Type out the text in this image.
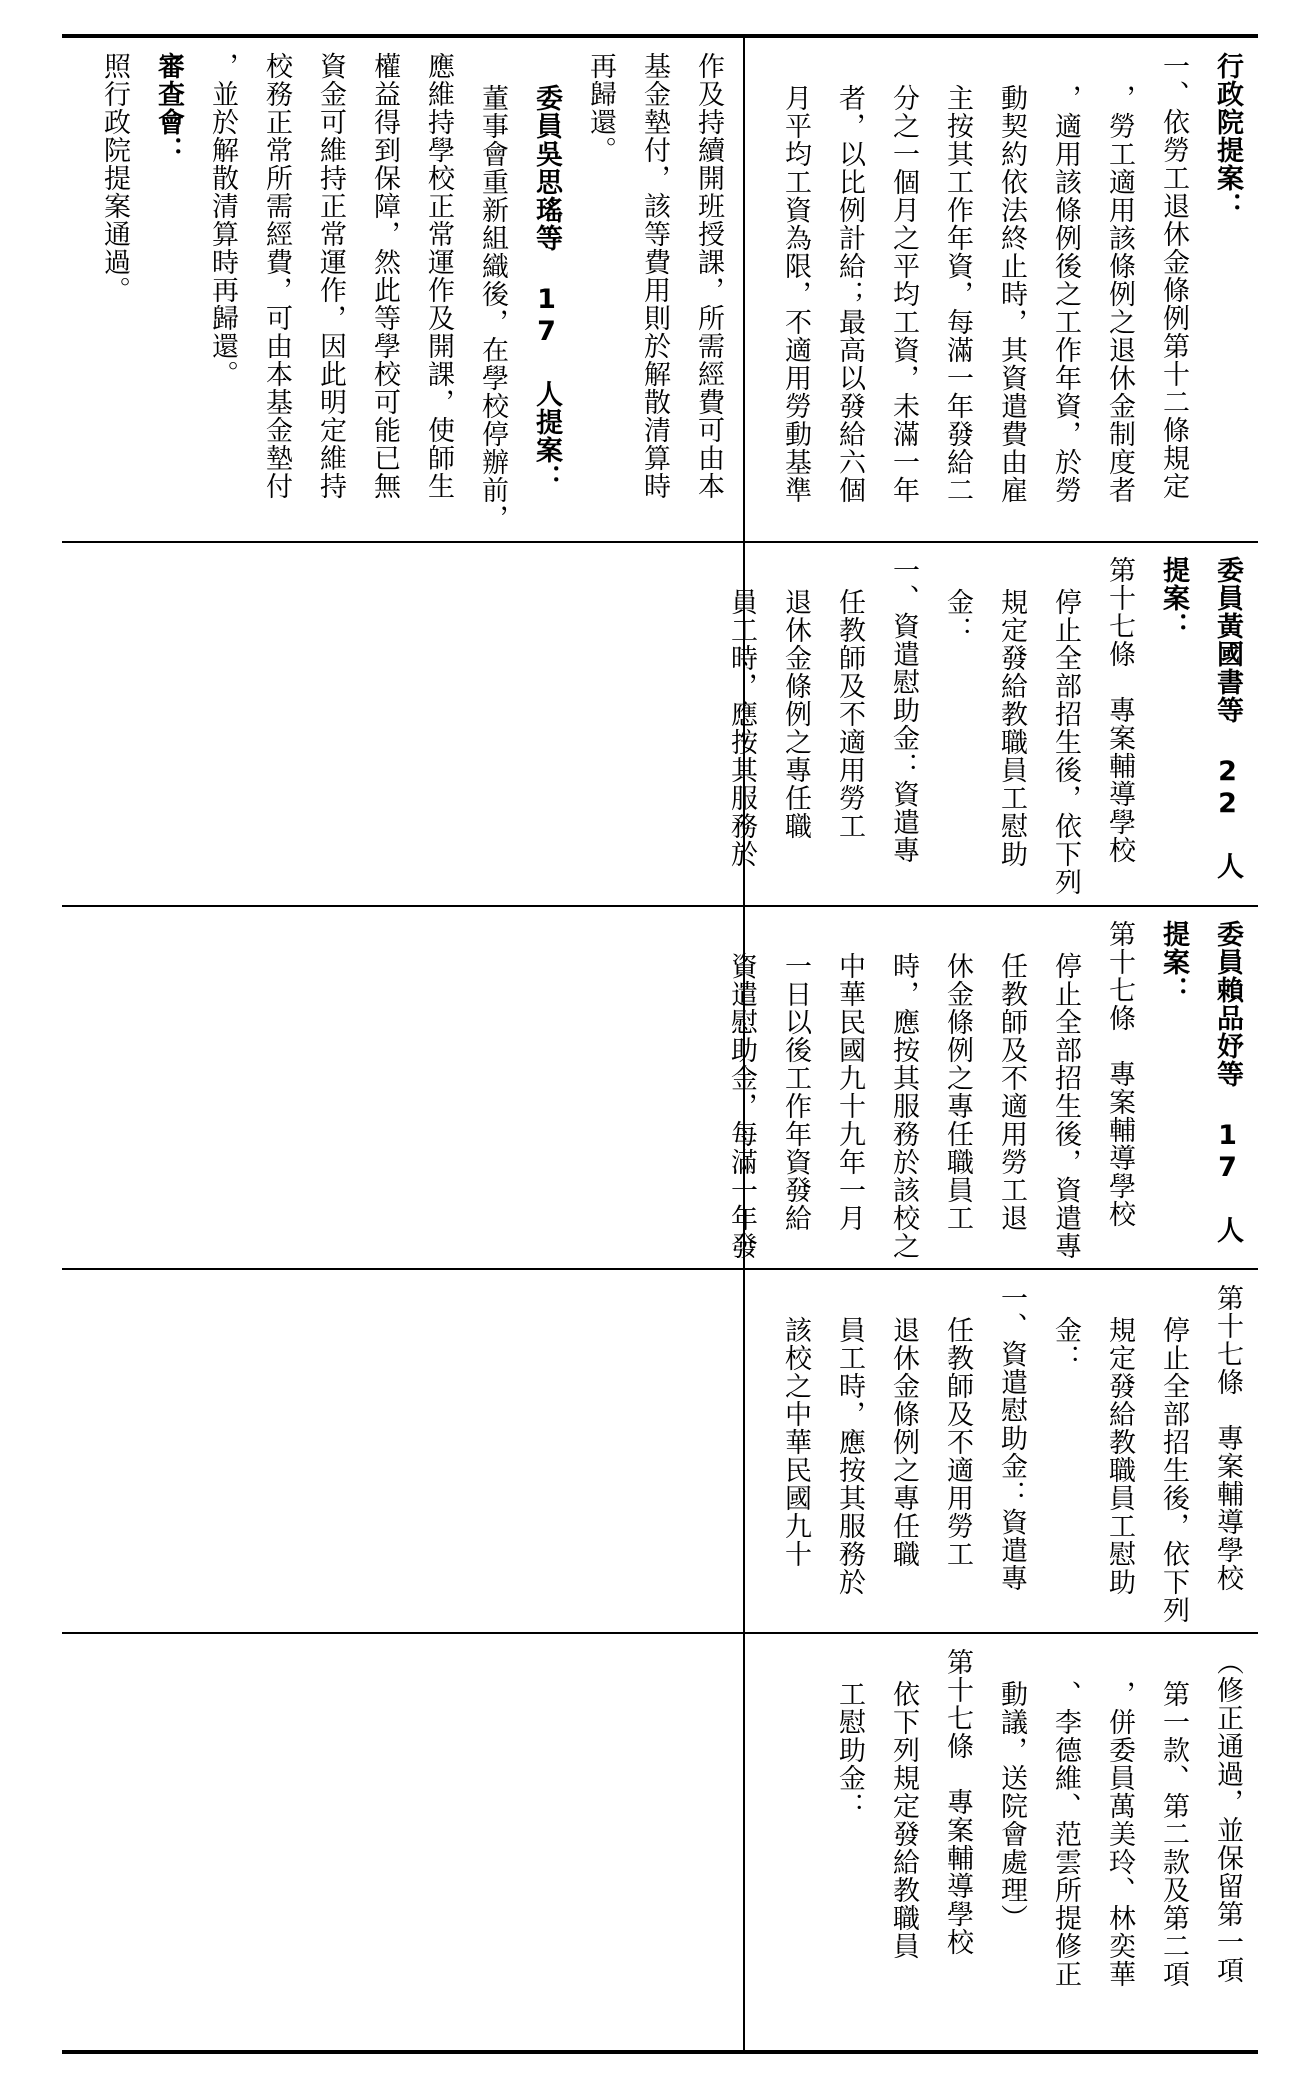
作及持續開班授課，所需經費可由本

基金墊付，該等費用則於解散清算時

再歸還。

委員吳思瑤等 17 人提案：

董事會重新組織後，在學校停辦前，

應維持學校正常運作及開課，使師生

權益得到保障，然此等學校可能已無

資金可維持正常運作，因此明定維持

校務正常所需經費，可由本基金墊付

，並於解散清算時再歸還。

審查會：

照行政院提案通過。	行政院提案：

一、依勞工退休金條例第十二條規定

，勞工適用該條例之退休金制度者

，適用該條例後之工作年資，於勞

動契約依法終止時，其資遣費由雇

主按其工作年資，每滿一年發給二

分之一個月之平均工資，未滿一年

者，以比例計給；最高以發給六個

月平均工資為限，不適用勞動基準

委員黃國書等 22 人提案：

第十七條　專案輔導學校

停止全部招生後，依下列

規定發給教職員工慰助

金：

一、資遣慰助金：資遣專

任教師及不適用勞工

退休金條例之專任職

員工時，應按其服務於

委員賴品妤等 17 人提案：

第十七條　專案輔導學校

停止全部招生後，資遣專

任教師及不適用勞工退

休金條例之專任職員工

時，應按其服務於該校之

中華民國九十九年一月

一日以後工作年資發給

資遣慰助金，每滿一年發

第十七條　專案輔導學校

停止全部招生後，依下列

規定發給教職員工慰助

金：

一、資遣慰助金：資遣專

任教師及不適用勞工

退休金條例之專任職

員工時，應按其服務於

該校之中華民國九十

（修正通過，並保留第一項

第一款、第二款及第二項

，併委員萬美玲、林奕華

、李德維、范雲所提修正

動議，送院會處理）

第十七條　專案輔導學校

依下列規定發給教職員

工慰助金：
